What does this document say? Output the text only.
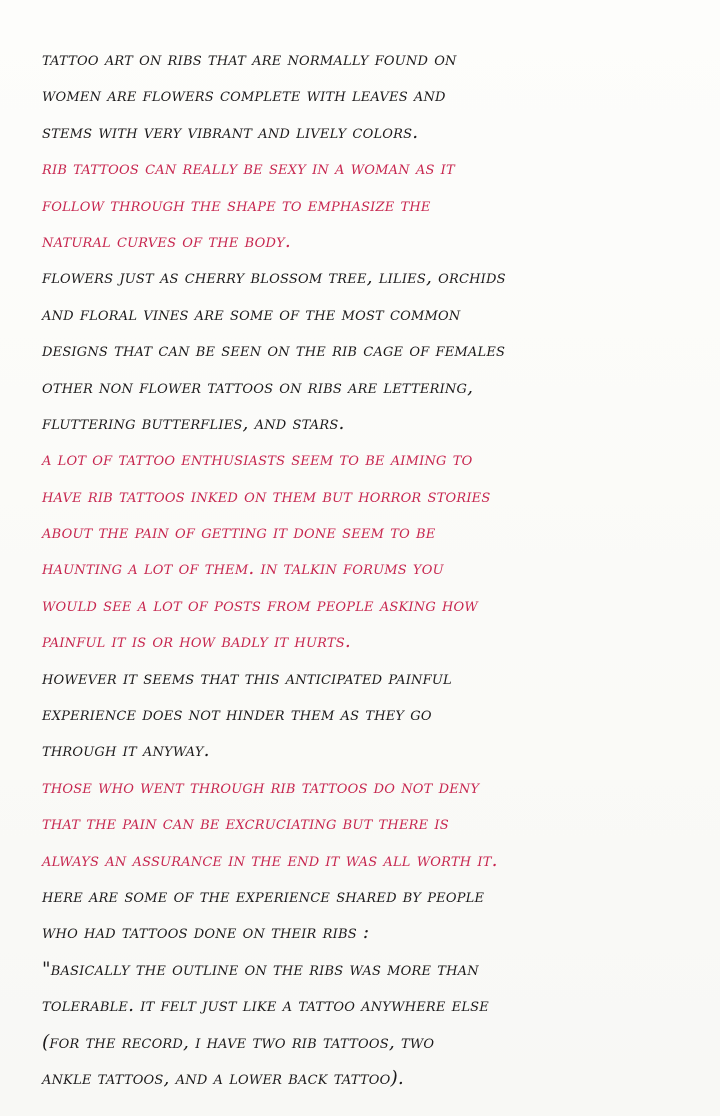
tattoo art on ribs that are normally found on
women are flowers complete with leaves and
stems with very vibrant and lively colors.
rib tattoos can really be sexy in a woman as it
follow through the shape to emphasize the
natural curves of the body.
flowers just as cherry blossom tree, lilies, orchids
and floral vines are some of the most common
designs that can be seen on the rib cage of females
other non flower tattoos on ribs are lettering,
fluttering butterflies, and stars.
a lot of tattoo enthusiasts seem to be aiming to
have rib tattoos inked on them but horror stories
about the pain of getting it done seem to be
haunting a lot of them. in talkin forums you
would see a lot of posts from people asking how
painful it is or how badly it hurts.
however it seems that this anticipated painful
experience does not hinder them as they go
through it anyway.
those who went through rib tattoos do not deny
that the pain can be excruciating but there is
always an assurance in the end it was all worth it.
here are some of the experience shared by people
who had tattoos done on their ribs :
"basically the outline on the ribs was more than
tolerable. it felt just like a tattoo anywhere else
(for the record, i have two rib tattoos, two
ankle tattoos, and a lower back tattoo).
